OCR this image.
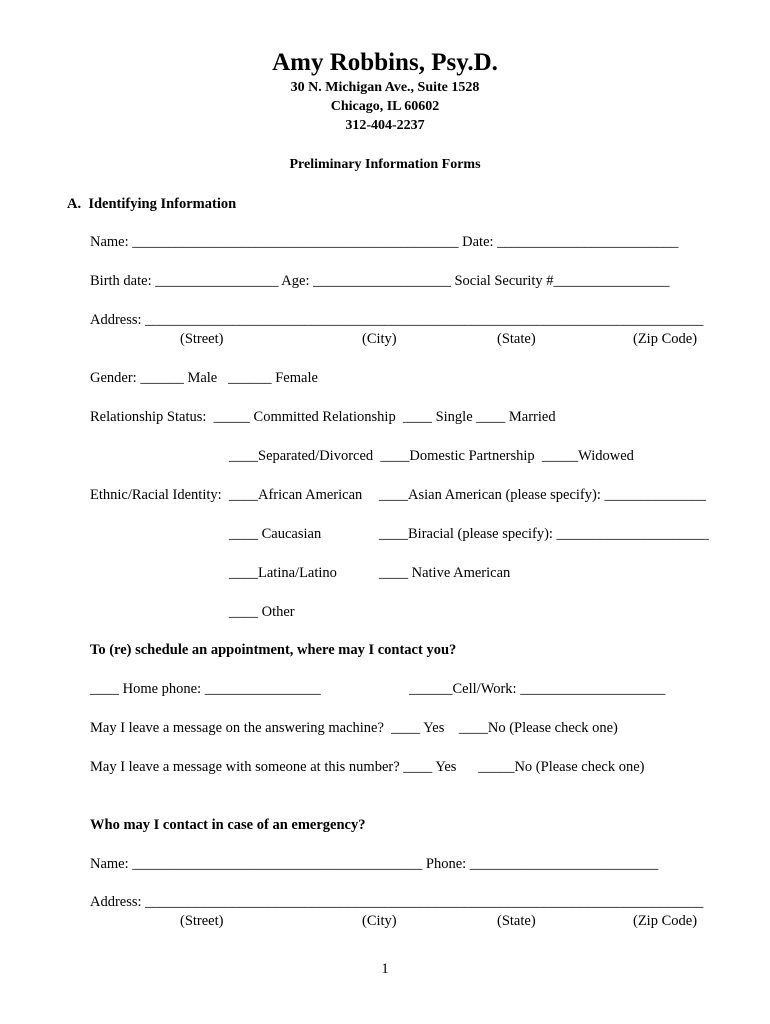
Amy Robbins, Psy.D.
30 N. Michigan Ave., Suite 1528
Chicago, IL 60602
312-404-2237
Preliminary Information Forms
A.  Identifying Information
Name: _____________________________________________ Date: _________________________
Birth date: _________________ Age: ___________________ Social Security #________________
Address: _____________________________________________________________________________
(Street)	(City)	(State)	(Zip Code)
Gender: ______ Male   ______ Female
Relationship Status:  _____ Committed Relationship  ____ Single ____ Married
____Separated/Divorced  ____Domestic Partnership  _____Widowed
Ethnic/Racial Identity: ____African American ____Asian American (please specify): ______________
____ Caucasian	____Biracial (please specify): _____________________
____Latina/Latino	____ Native American
____ Other
To (re) schedule an appointment, where may I contact you?
____ Home phone: ________________	______Cell/Work: ____________________
May I leave a message on the answering machine?  ____ Yes    ____No (Please check one)
May I leave a message with someone at this number? ____ Yes      _____No (Please check one)
Who may I contact in case of an emergency?
Name: ________________________________________ Phone: __________________________
Address: _____________________________________________________________________________
(Street)	(City)	(State)	(Zip Code)
1
